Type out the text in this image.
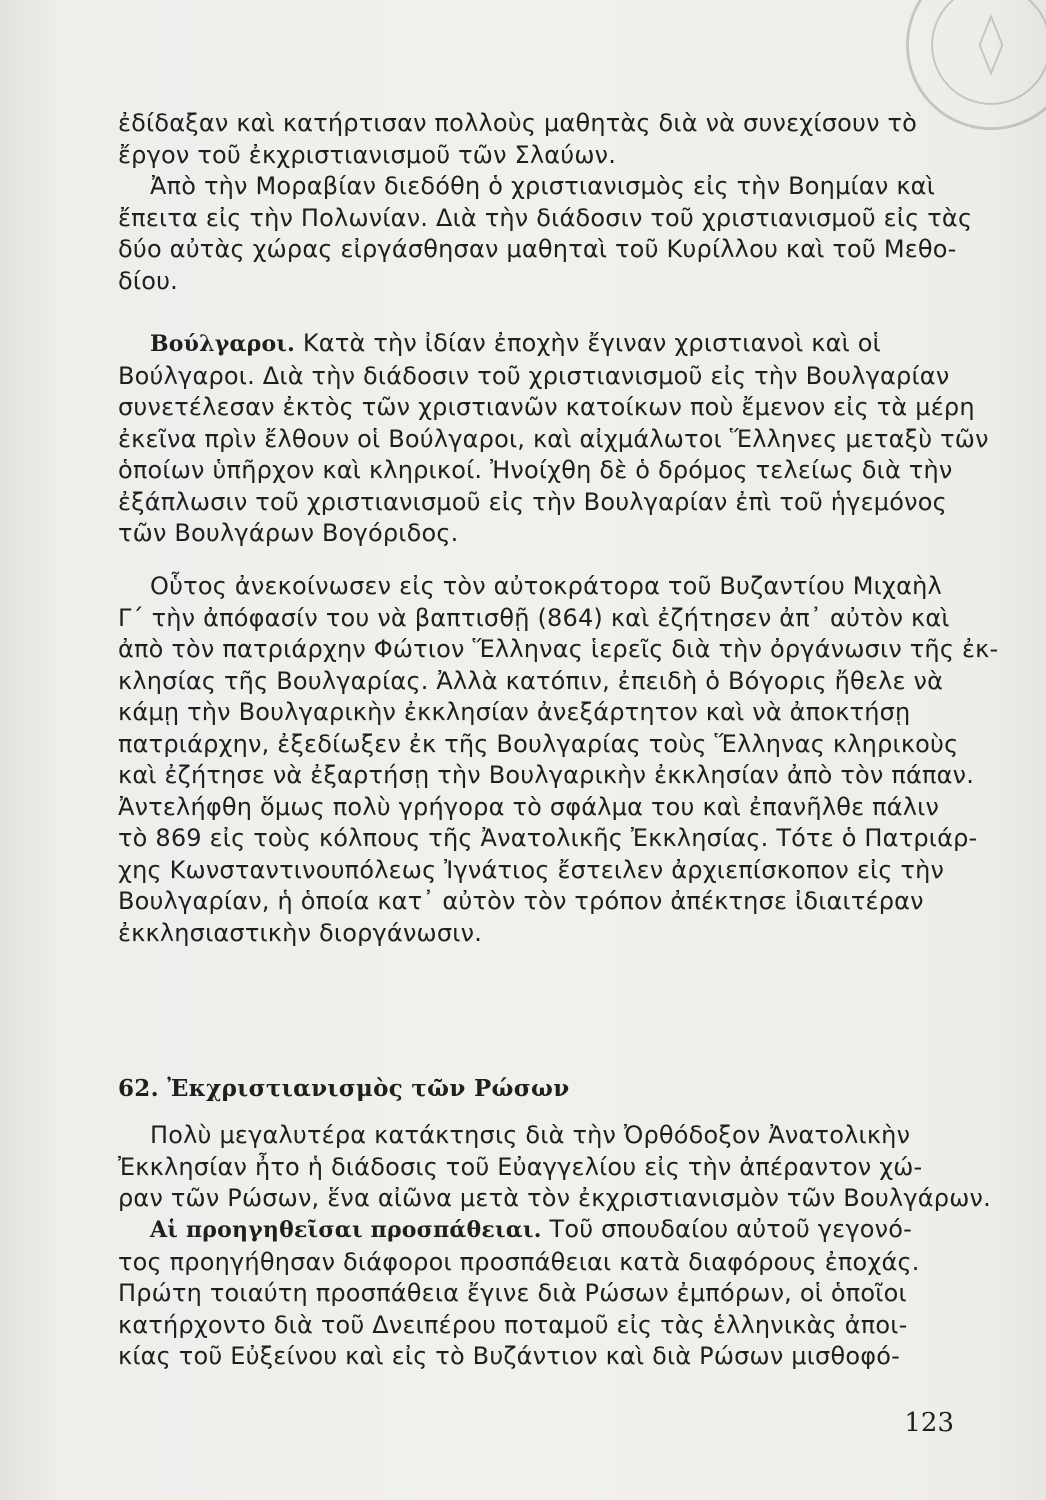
ἐδίδαξαν καὶ κατήρτισαν πολλοὺς μαθητὰς διὰ νὰ συνεχίσουν τὸ
ἔργον τοῦ ἐκχριστιανισμοῦ τῶν Σλαύων.

Ἀπὸ τὴν Μοραβίαν διεδόθη ὁ χριστιανισμὸς εἰς τὴν Βοημίαν καὶ
ἔπειτα εἰς τὴν Πολωνίαν. Διὰ τὴν διάδοσιν τοῦ χριστιανισμοῦ εἰς τὰς
δύο αὐτὰς χώρας εἰργάσθησαν μαθηταὶ τοῦ Κυρίλλου καὶ τοῦ Μεθο-
δίου.

Βούλγαροι. Κατὰ τὴν ἰδίαν ἐποχὴν ἔγιναν χριστιανοὶ καὶ οἱ
Βούλγαροι. Διὰ τὴν διάδοσιν τοῦ χριστιανισμοῦ εἰς τὴν Βουλγαρίαν
συνετέλεσαν ἐκτὸς τῶν χριστιανῶν κατοίκων ποὺ ἔμενον εἰς τὰ μέρη
ἐκεῖνα πρὶν ἔλθουν οἱ Βούλγαροι, καὶ αἰχμάλωτοι Ἕλληνες μεταξὺ τῶν
ὁποίων ὑπῆρχον καὶ κληρικοί. Ἠνοίχθη δὲ ὁ δρόμος τελείως διὰ τὴν
ἐξάπλωσιν τοῦ χριστιανισμοῦ εἰς τὴν Βουλγαρίαν ἐπὶ τοῦ ἡγεμόνος
τῶν Βουλγάρων Βογόριδος.

Οὗτος ἀνεκοίνωσεν εἰς τὸν αὐτοκράτορα τοῦ Βυζαντίου Μιχαὴλ
Γ΄ τὴν ἀπόφασίν του νὰ βαπτισθῇ (864) καὶ ἐζήτησεν ἀπ᾽ αὐτὸν καὶ
ἀπὸ τὸν πατριάρχην Φώτιον Ἕλληνας ἱερεῖς διὰ τὴν ὀργάνωσιν τῆς ἐκ-
κλησίας τῆς Βουλγαρίας. Ἀλλὰ κατόπιν, ἐπειδὴ ὁ Βόγορις ἤθελε νὰ
κάμῃ τὴν Βουλγαρικὴν ἐκκλησίαν ἀνεξάρτητον καὶ νὰ ἀποκτήσῃ
πατριάρχην, ἐξεδίωξεν ἐκ τῆς Βουλγαρίας τοὺς Ἕλληνας κληρικοὺς
καὶ ἐζήτησε νὰ ἐξαρτήσῃ τὴν Βουλγαρικὴν ἐκκλησίαν ἀπὸ τὸν πάπαν.
Ἀντελήφθη ὅμως πολὺ γρήγορα τὸ σφάλμα του καὶ ἐπανῆλθε πάλιν
τὸ 869 εἰς τοὺς κόλπους τῆς Ἀνατολικῆς Ἐκκλησίας. Τότε ὁ Πατριάρ-
χης Κωνσταντινουπόλεως Ἰγνάτιος ἔστειλεν ἀρχιεπίσκοπον εἰς τὴν
Βουλγαρίαν, ἡ ὁποία κατ᾽ αὐτὸν τὸν τρόπον ἀπέκτησε ἰδιαιτέραν
ἐκκλησιαστικὴν διοργάνωσιν.

62. Ἐκχριστιανισμὸς τῶν Ρώσων

Πολὺ μεγαλυτέρα κατάκτησις διὰ τὴν Ὀρθόδοξον Ἀνατολικὴν
Ἐκκλησίαν ἦτο ἡ διάδοσις τοῦ Εὐαγγελίου εἰς τὴν ἀπέραντον χώ-
ραν τῶν Ρώσων, ἕνα αἰῶνα μετὰ τὸν ἐκχριστιανισμὸν τῶν Βουλγάρων.

Αἱ προηγηθεῖσαι προσπάθειαι. Τοῦ σπουδαίου αὐτοῦ γεγονό-
τος προηγήθησαν διάφοροι προσπάθειαι κατὰ διαφόρους ἐποχάς.
Πρώτη τοιαύτη προσπάθεια ἔγινε διὰ Ρώσων ἐμπόρων, οἱ ὁποῖοι
κατήρχοντο διὰ τοῦ Δνειπέρου ποταμοῦ εἰς τὰς ἑλληνικὰς ἀποι-
κίας τοῦ Εὐξείνου καὶ εἰς τὸ Βυζάντιον καὶ διὰ Ρώσων μισθοφό-

123
